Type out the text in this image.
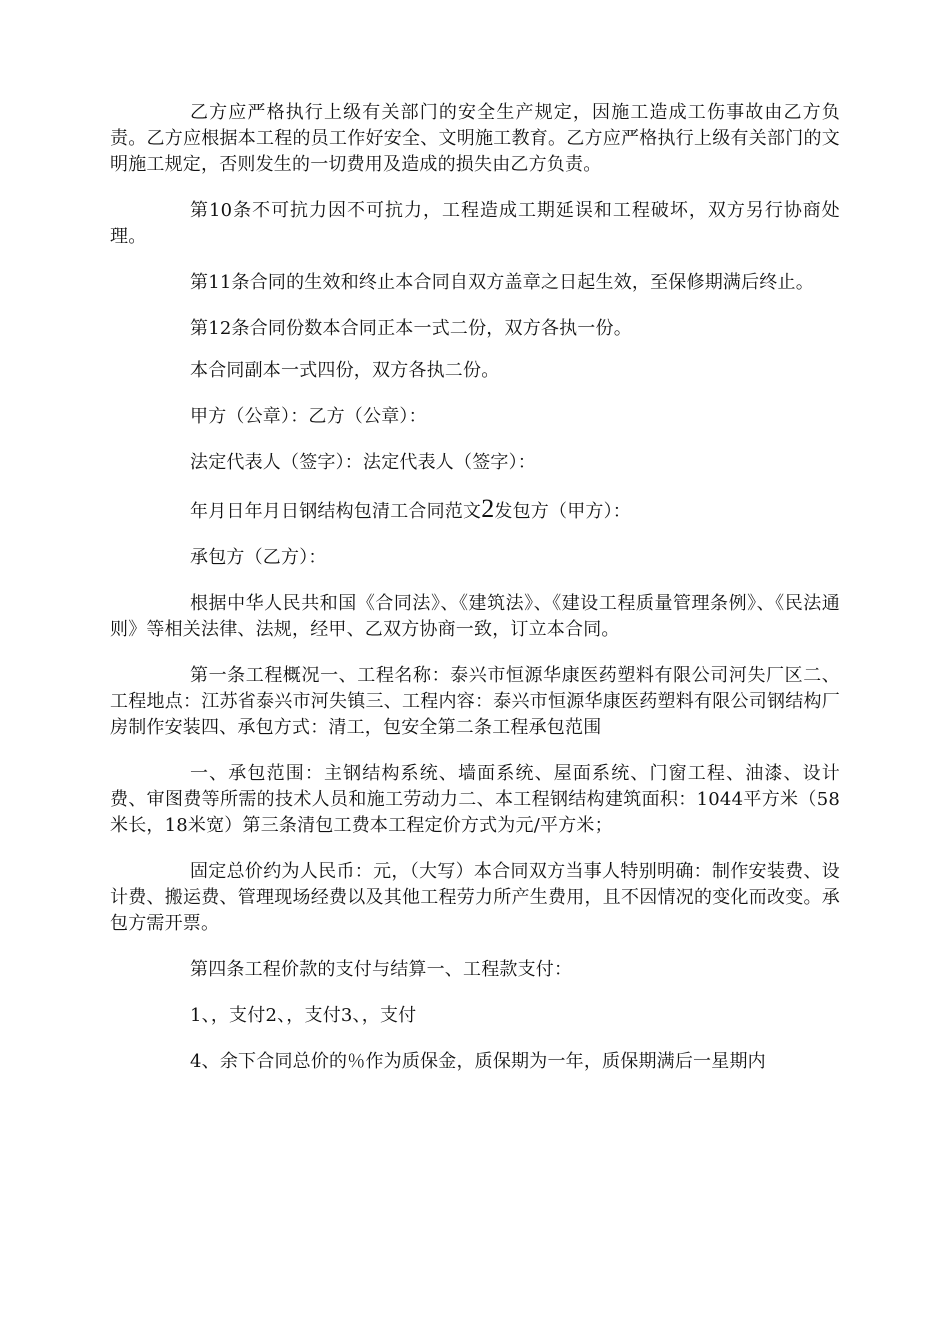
乙方应严格执行上级有关部门的安全生产规定，因施工造成工伤事故由乙方负责。乙方应根据本工程的员工作好安全、文明施工教育。乙方应严格执行上级有关部门的文明施工规定，否则发生的一切费用及造成的损失由乙方负责。

第10条不可抗力因不可抗力，工程造成工期延误和工程破坏，双方另行协商处理。

第11条合同的生效和终止本合同自双方盖章之日起生效，至保修期满后终止。

第12条合同份数本合同正本一式二份，双方各执一份。

本合同副本一式四份，双方各执二份。

甲方（公章）：乙方（公章）：

法定代表人（签字）：法定代表人（签字）：

年月日年月日钢结构包清工合同范文2发包方（甲方）：

承包方（乙方）：

根据中华人民共和国《合同法》、《建筑法》、《建设工程质量管理条例》、《民法通则》等相关法律、法规，经甲、乙双方协商一致，订立本合同。

第一条工程概况一、工程名称：泰兴市恒源华康医药塑料有限公司河失厂区二、工程地点：江苏省泰兴市河失镇三、工程内容：泰兴市恒源华康医药塑料有限公司钢结构厂房制作安装四、承包方式：清工，包安全第二条工程承包范围

一、承包范围：主钢结构系统、墙面系统、屋面系统、门窗工程、油漆、设计费、审图费等所需的技术人员和施工劳动力二、本工程钢结构建筑面积：1044平方米（58米长，18米宽）第三条清包工费本工程定价方式为元/平方米；

固定总价约为人民币：元，（大写）本合同双方当事人特别明确：制作安装费、设计费、搬运费、管理现场经费以及其他工程劳力所产生费用，且不因情况的变化而改变。承包方需开票。

第四条工程价款的支付与结算一、工程款支付：

1、，支付2、，支付3、，支付

4、余下合同总价的％作为质保金，质保期为一年，质保期满后一星期内
